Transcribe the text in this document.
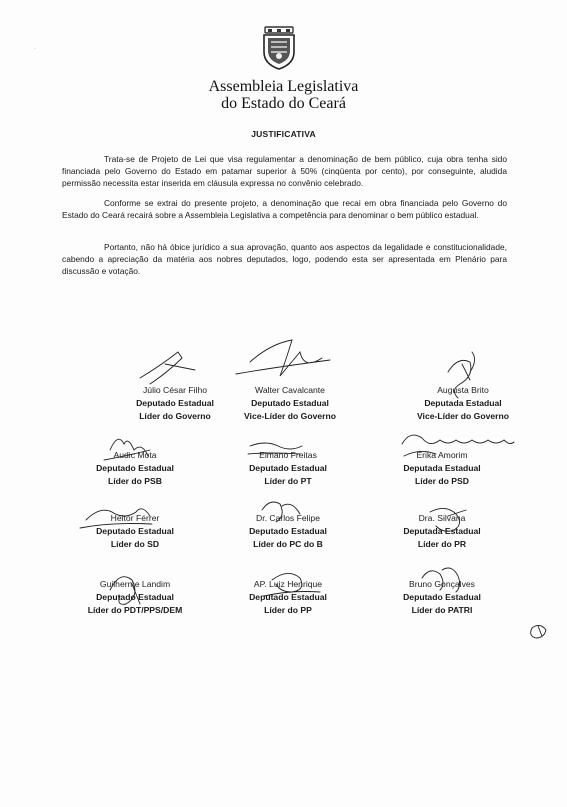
·
Assembleia Legislativa
do Estado do Ceará
JUSTIFICATIVA

Trata-se de Projeto de Lei que visa regulamentar a denominação de bem público, cuja obra tenha sido financiada pelo Governo do Estado em patamar superior à 50% (cinqüenta por cento), por conseguinte, aludida permissão necessita estar inserida em cláusula expressa no convênio celebrado.

Conforme se extrai do presente projeto, a denominação que recai em obra financiada pelo Governo do Estado do Ceará recairá sobre a Assembleia Legislativa a competência para denominar o bem público estadual.

Portanto, não há óbice jurídico a sua aprovação, quanto aos aspectos da legalidade e constitucionalidade, cabendo a apreciação da matéria aos nobres deputados, logo, podendo esta ser apresentada em Plenário para discussão e votação.

Júlio César Filho
Deputado Estadual
Líder do Governo
Walter Cavalcante
Deputado Estadual
Vice-Líder do Governo
Augusta Brito
Deputada Estadual
Vice-Líder do Governo
Audic Mota
Deputado Estadual
Líder do PSB
Elmano Freitas
Deputado Estadual
Líder do PT
Érika Amorim
Deputada Estadual
Líder do PSD
Heitor Férrer
Deputado Estadual
Líder do SD
Dr. Carlos Felipe
Deputado Estadual
Líder do PC do B
Dra. Silvana
Deputada Estadual
Líder do PR
Guilherme Landim
Deputado Estadual
Líder do PDT/PPS/DEM
AP. Luiz Henrique
Deputado Estadual
Líder do PP
Bruno Gonçalves
Deputado Estadual
Líder do PATRI
